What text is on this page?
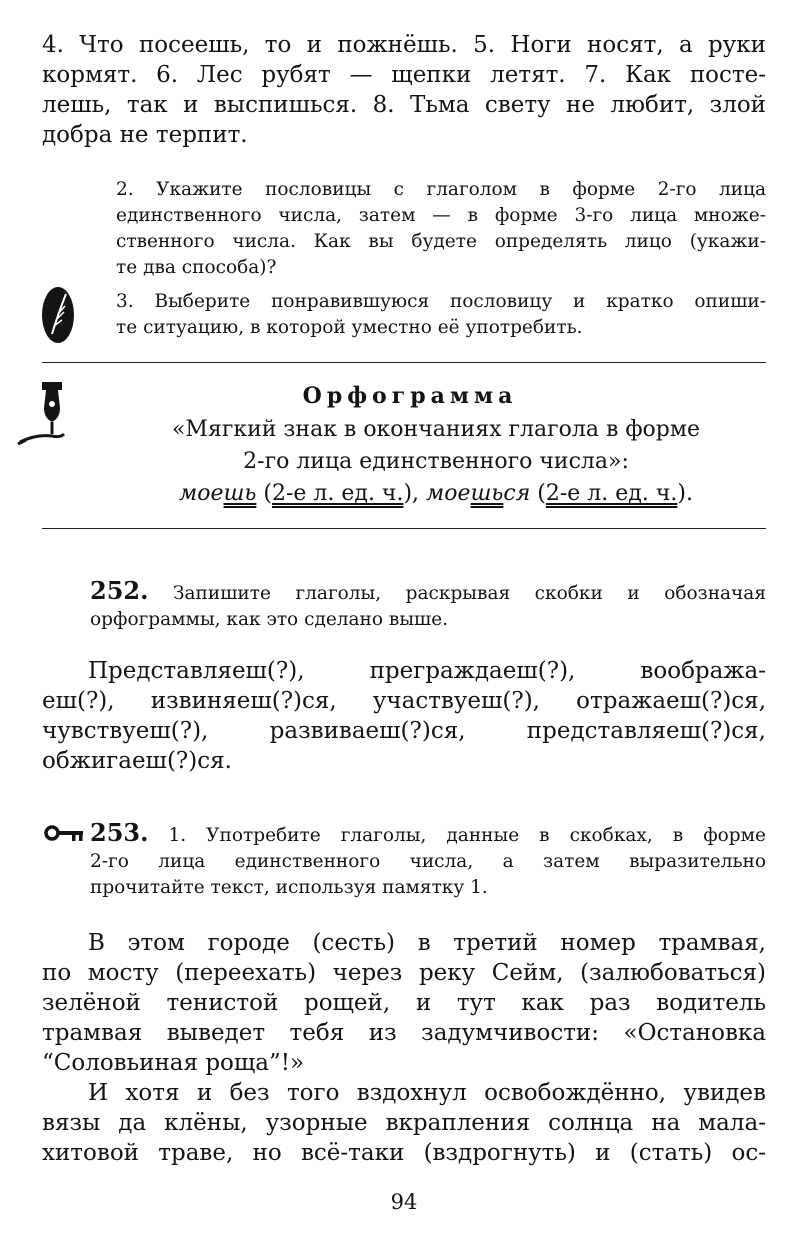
4. Что посеешь, то и пожнёшь. 5. Ноги носят, а руки
кормят. 6. Лес рубят — щепки летят. 7. Как посте-
лешь, так и выспишься. 8. Тьма свету не любит, злой
добра не терпит.
2. Укажите пословицы с глаголом в форме 2-го лица
единственного числа, затем — в форме 3-го лица множе-
ственного числа. Как вы будете определять лицо (укажи-
те два способа)?
3. Выберите понравившуюся пословицу и кратко опиши-
те ситуацию, в которой уместно её употребить.
Орфограмма
«Мягкий знак в окончаниях глагола в форме
2-го лица единственного числа»:
моешь (2-е л. ед. ч.), моешься (2-е л. ед. ч.).
252. Запишите глаголы, раскрывая скобки и обозначая
орфограммы, как это сделано выше.
Представляеш(?), преграждаеш(?), воображa-
еш(?), извиняеш(?)ся, участвуеш(?), отражаеш(?)ся,
чувствуеш(?), развиваеш(?)ся, представляеш(?)ся,
обжигаеш(?)ся.
253. 1. Употребите глаголы, данные в скобках, в форме
2-го лица единственного числа, а затем выразительно
прочитайте текст, используя памятку 1.
В этом городе (сесть) в третий номер трамвая,
по мосту (переехать) через реку Сейм, (залюбоваться)
зелёной тенистой рощей, и тут как раз водитель
трамвая выведет тебя из задумчивости: «Остановка
“Соловьиная роща”!»
И хотя и без того вздохнул освобождённо, увидев
вязы да клёны, узорные вкрапления солнца на мала-
хитовой траве, но всё-таки (вздрогнуть) и (стать) ос-
94
